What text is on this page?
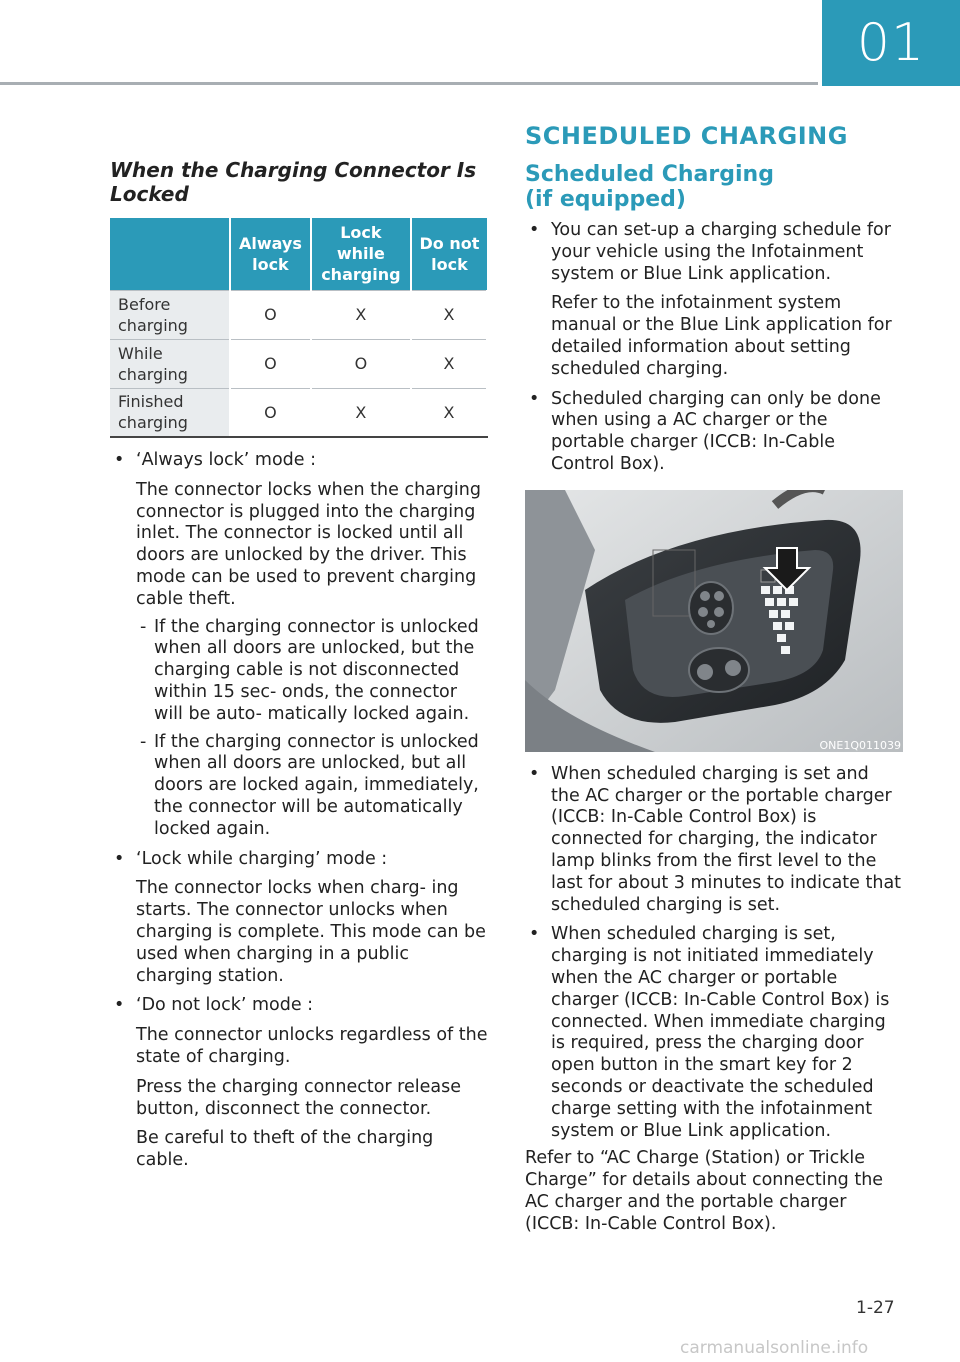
01
When the Charging Connector Is
Locked
	Always
lock	Lock
while
charging	Do not
lock
Before
charging	O	X	X
While
charging	O	O	X
Finished
charging	O	X	X
• ‘Always lock’ mode :
The connector locks when the charging connector is plugged into the charging inlet. The connector is locked until all doors are unlocked by the driver. This mode can be used to prevent charging cable theft.
- If the charging connector is unlocked when all doors are unlocked, but the charging cable is not disconnected within 15 sec- onds, the connector will be auto- matically locked again.
- If the charging connector is unlocked when all doors are unlocked, but all doors are locked again, immediately, the connector will be automatically locked again.
• ‘Lock while charging’ mode :
The connector locks when charg- ing starts. The connector unlocks when charging is complete. This mode can be used when charging in a public charging station.
• ‘Do not lock’ mode :
The connector unlocks regardless of the state of charging.
Press the charging connector release button, disconnect the connector.
Be careful to theft of the charging cable.
SCHEDULED CHARGING
Scheduled Charging
(if equipped)
• You can set-up a charging schedule for your vehicle using the Infotainment system or Blue Link application.
Refer to the infotainment system manual or the Blue Link application for detailed information about setting scheduled charging.
• Scheduled charging can only be done when using a AC charger or the portable charger (ICCB: In-Cable Control Box).
ONE1Q011039
• When scheduled charging is set and the AC charger or the portable charger (ICCB: In-Cable Control Box) is connected for charging, the indicator lamp blinks from the first level to the last for about 3 minutes to indicate that scheduled charging is set.
• When scheduled charging is set, charging is not initiated immediately when the AC charger or portable charger (ICCB: In-Cable Control Box) is connected. When immediate charging is required, press the charging door open button in the smart key for 2 seconds or deactivate the scheduled charge setting with the infotainment system or Blue Link application.
Refer to “AC Charge (Station) or Trickle Charge” for details about connecting the AC charger and the portable charger (ICCB: In-Cable Control Box).
1-27
carmanualsonline.info
